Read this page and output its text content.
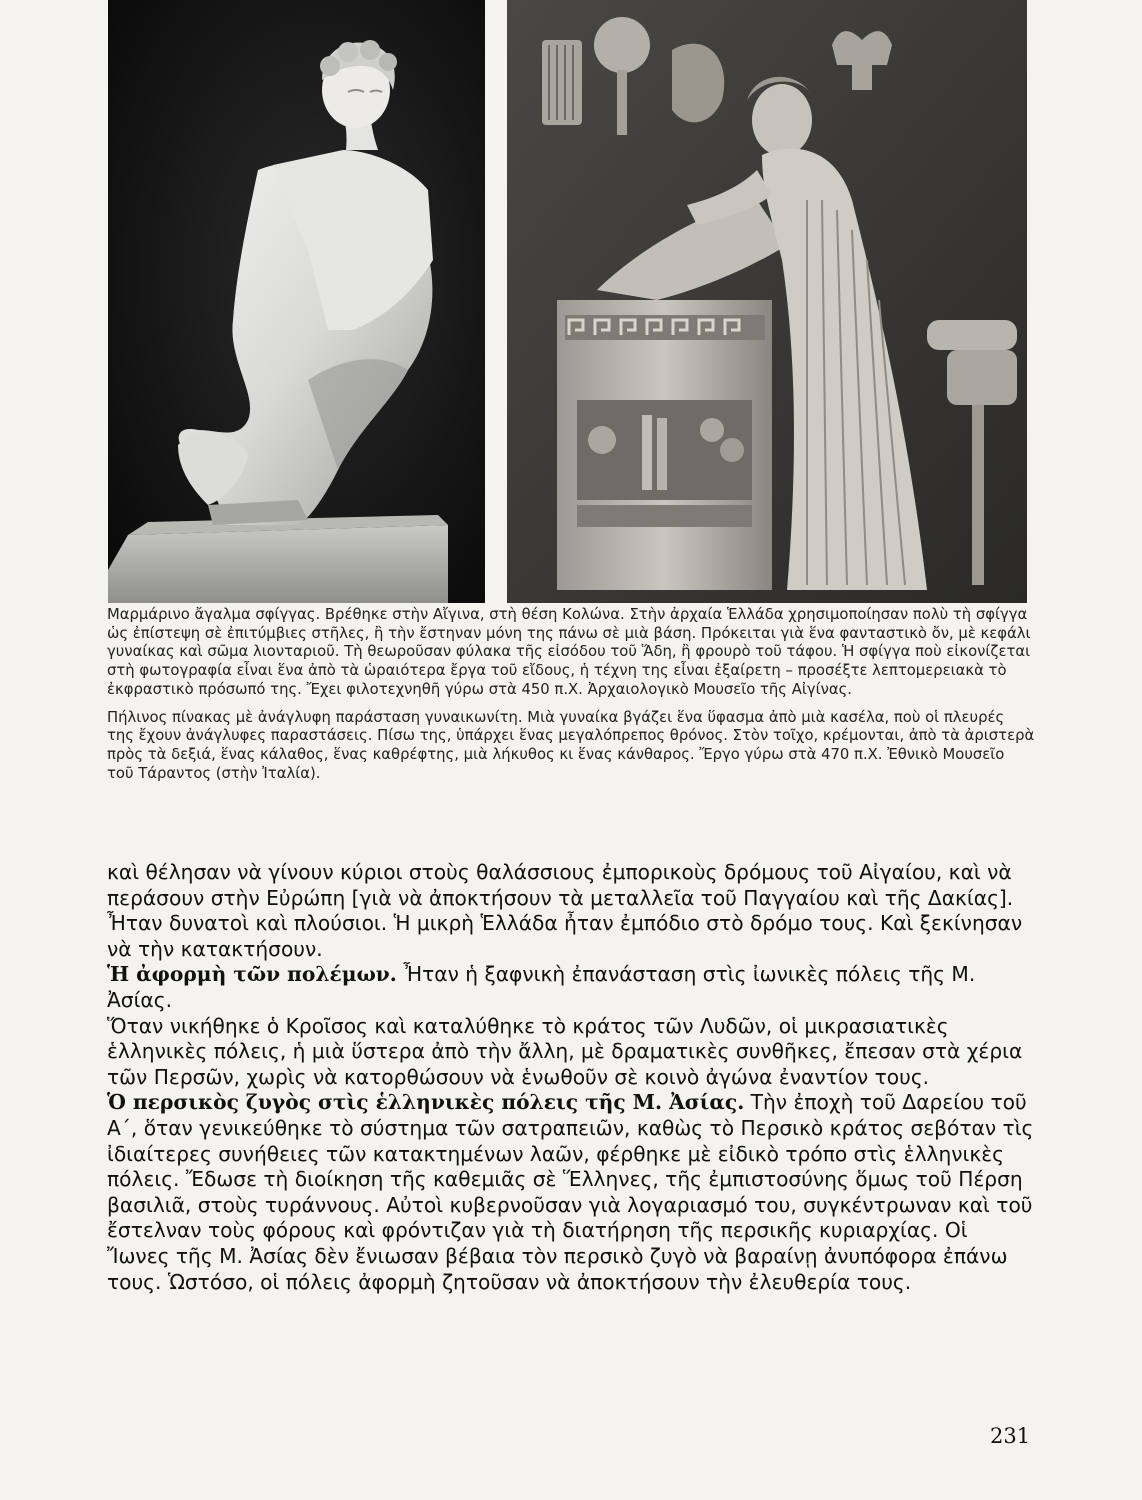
Μαρμάρινο ἄγαλμα σφίγγας. Βρέθηκε στὴν Αἴγινα, στὴ θέση Κολώνα. Στὴν ἀρχαία Ἑλλάδα χρησιμοποίησαν πολὺ τὴ σφίγγα ὡς ἐπίστεψη σὲ ἐπιτύμβιες στῆλες, ἢ τὴν ἔστηναν μόνη της πάνω σὲ μιὰ βάση. Πρόκειται γιὰ ἕνα φανταστικὸ ὄν, μὲ κεφάλι γυναίκας καὶ σῶμα λιονταριοῦ. Τὴ θεωροῦσαν φύλακα τῆς εἰσόδου τοῦ Ἅδη, ἢ φρουρὸ τοῦ τάφου. Ἡ σφίγγα ποὺ εἰκονίζεται στὴ φωτογραφία εἶναι ἕνα ἀπὸ τὰ ὡραιότερα ἔργα τοῦ εἴδους, ἡ τέχνη της εἶναι ἐξαίρετη – προσέξτε λεπτομερειακὰ τὸ ἐκφραστικὸ πρόσωπό της. Ἔχει φιλοτεχνηθῆ γύρω στὰ 450 π.Χ. Ἀρχαιολογικὸ Μουσεῖο τῆς Αἰγίνας.

Πήλινος πίνακας μὲ ἀνάγλυφη παράσταση γυναικωνίτη. Μιὰ γυναίκα βγάζει ἕνα ὕφασμα ἀπὸ μιὰ κασέλα, ποὺ οἱ πλευρές της ἔχουν ἀνάγλυφες παραστάσεις. Πίσω της, ὑπάρχει ἕνας μεγαλόπρεπος θρόνος. Στὸν τοῖχο, κρέμονται, ἀπὸ τὰ ἀριστερὰ πρὸς τὰ δεξιά, ἕνας κάλαθος, ἕνας καθρέφτης, μιὰ λήκυθος κι ἕνας κάνθαρος. Ἔργο γύρω στὰ 470 π.Χ. Ἐθνικὸ Μουσεῖο τοῦ Τάραντος (στὴν Ἰταλία).

καὶ θέλησαν νὰ γίνουν κύριοι στοὺς θαλάσσιους ἐμπορικοὺς δρόμους τοῦ Αἰγαίου, καὶ νὰ περάσουν στὴν Εὐρώπη [γιὰ νὰ ἀποκτήσουν τὰ μεταλλεῖα τοῦ Παγγαίου καὶ τῆς Δακίας].

Ἦταν δυνατοὶ καὶ πλούσιοι. Ἡ μικρὴ Ἑλλάδα ἦταν ἐμπόδιο στὸ δρόμο τους. Καὶ ξεκίνησαν νὰ τὴν κατακτήσουν.

Ἡ ἀφορμὴ τῶν πολέμων. Ἦταν ἡ ξαφνικὴ ἐπανάσταση στὶς ἰωνικὲς πόλεις τῆς Μ. Ἀσίας.

Ὅταν νικήθηκε ὁ Κροῖσος καὶ καταλύθηκε τὸ κράτος τῶν Λυδῶν, οἱ μικρασιατικὲς ἑλληνικὲς πόλεις, ἡ μιὰ ὕστερα ἀπὸ τὴν ἄλλη, μὲ δραματικὲς συνθῆκες, ἔπεσαν στὰ χέρια τῶν Περσῶν, χωρὶς νὰ κατορθώσουν νὰ ἑνωθοῦν σὲ κοινὸ ἀγώνα ἐναντίον τους.

Ὁ περσικὸς ζυγὸς στὶς ἑλληνικὲς πόλεις τῆς Μ. Ἀσίας. Τὴν ἐποχὴ τοῦ Δαρείου τοῦ Α΄, ὅταν γενικεύθηκε τὸ σύστημα τῶν σατραπειῶν, καθὼς τὸ Περσικὸ κράτος σεβόταν τὶς ἰδιαίτερες συνήθειες τῶν κατακτημένων λαῶν, φέρθηκε μὲ εἰδικὸ τρόπο στὶς ἑλληνικὲς πόλεις. Ἔδωσε τὴ διοίκηση τῆς καθεμιᾶς σὲ Ἕλληνες, τῆς ἐμπιστοσύνης ὅμως τοῦ Πέρση βασιλιᾶ, στοὺς τυράννους. Αὐτοὶ κυβερνοῦσαν γιὰ λογαριασμό του, συγκέντρωναν καὶ τοῦ ἔστελναν τοὺς φόρους καὶ φρόντιζαν γιὰ τὴ διατήρηση τῆς περσικῆς κυριαρχίας. Οἱ Ἴωνες τῆς Μ. Ἀσίας δὲν ἔνιωσαν βέβαια τὸν περσικὸ ζυγὸ νὰ βαραίνῃ ἀνυπόφορα ἐπάνω τους. Ὡστόσο, οἱ πόλεις ἀφορμὴ ζητοῦσαν νὰ ἀποκτήσουν τὴν ἐλευθερία τους.

231
